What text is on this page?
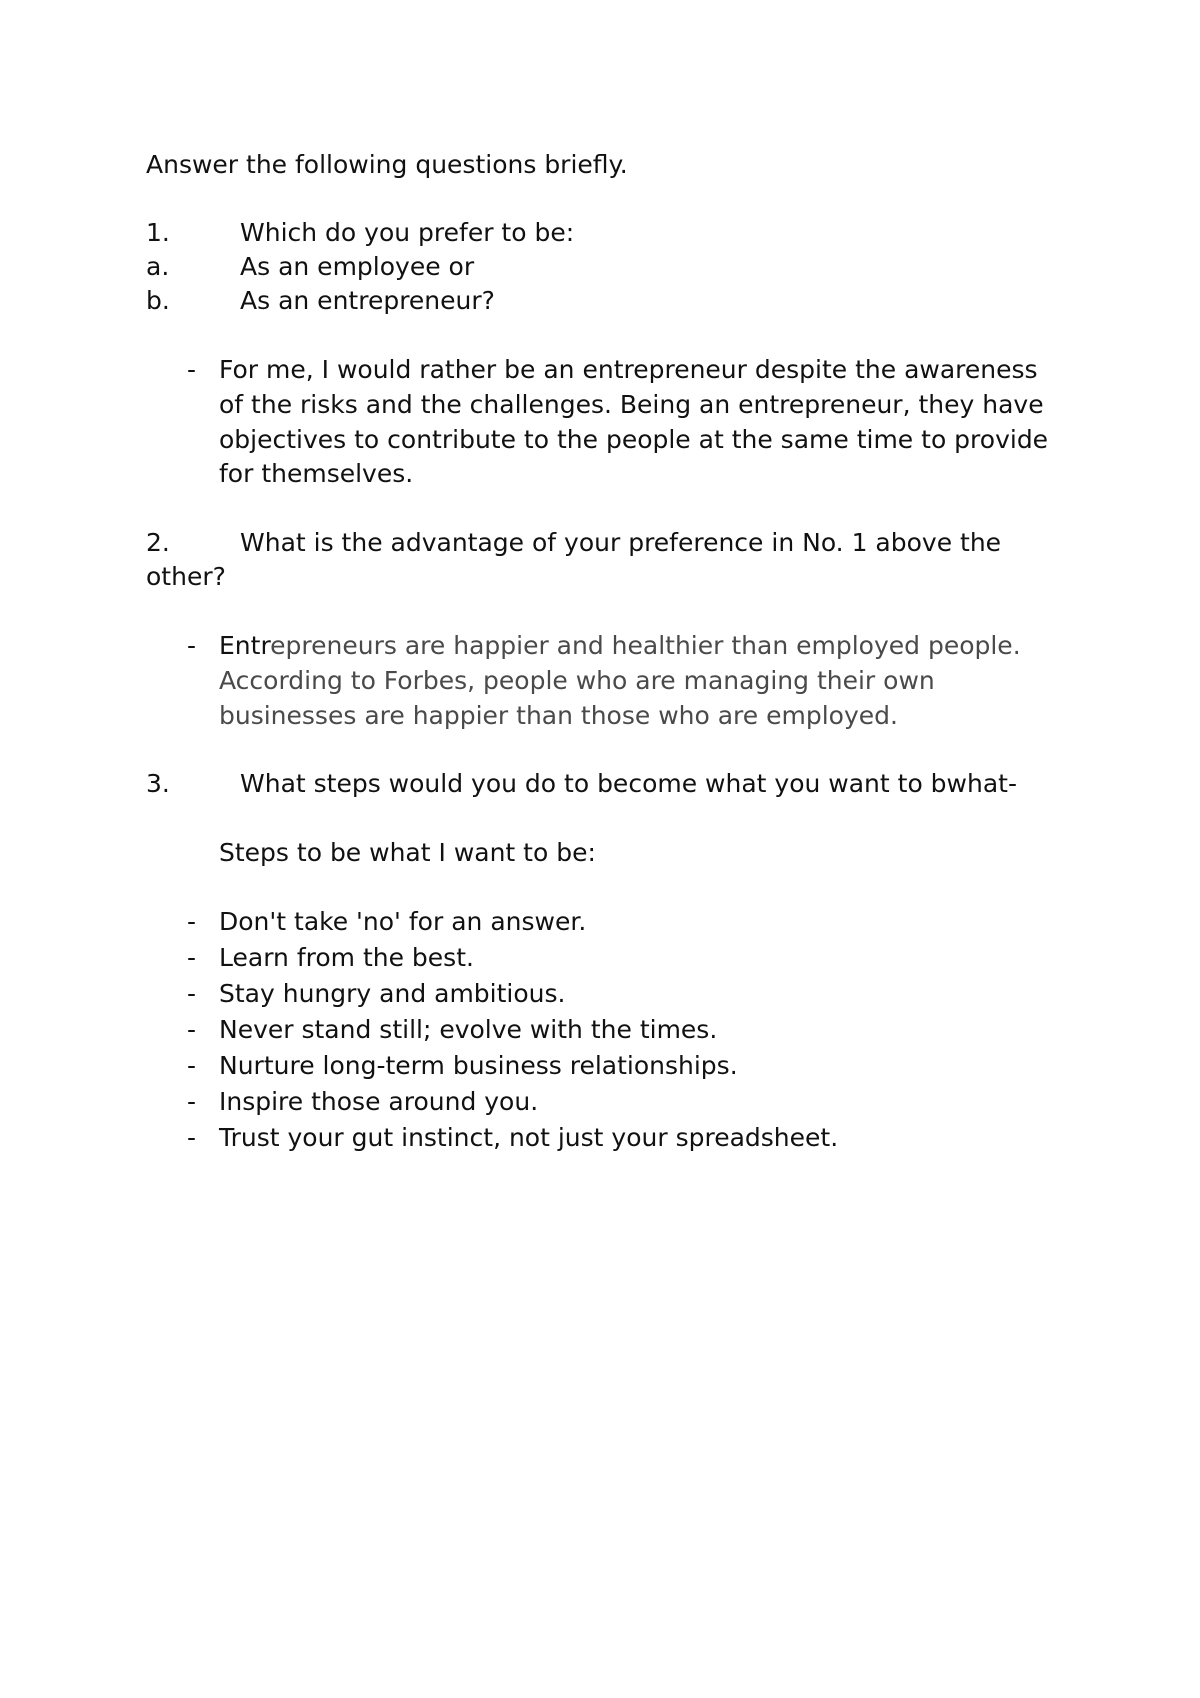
Answer the following questions briefly.
1.	Which do you prefer to be:
a.	As an employee or
b.	As an entrepreneur?
- For me, I would rather be an entrepreneur despite the awareness
of the risks and the challenges. Being an entrepreneur, they have
objectives to contribute to the people at the same time to provide
for themselves.
2.	What is the advantage of your preference in No. 1 above the
other?
- Entrepreneurs are happier and healthier than employed people.
According to Forbes, people who are managing their own
businesses are happier than those who are employed.
3.	What steps would you do to become what you want to bwhat-
Steps to be what I want to be:
- Don't take 'no' for an answer.
- Learn from the best.
- Stay hungry and ambitious.
- Never stand still; evolve with the times.
- Nurture long-term business relationships.
- Inspire those around you.
- Trust your gut instinct, not just your spreadsheet.
